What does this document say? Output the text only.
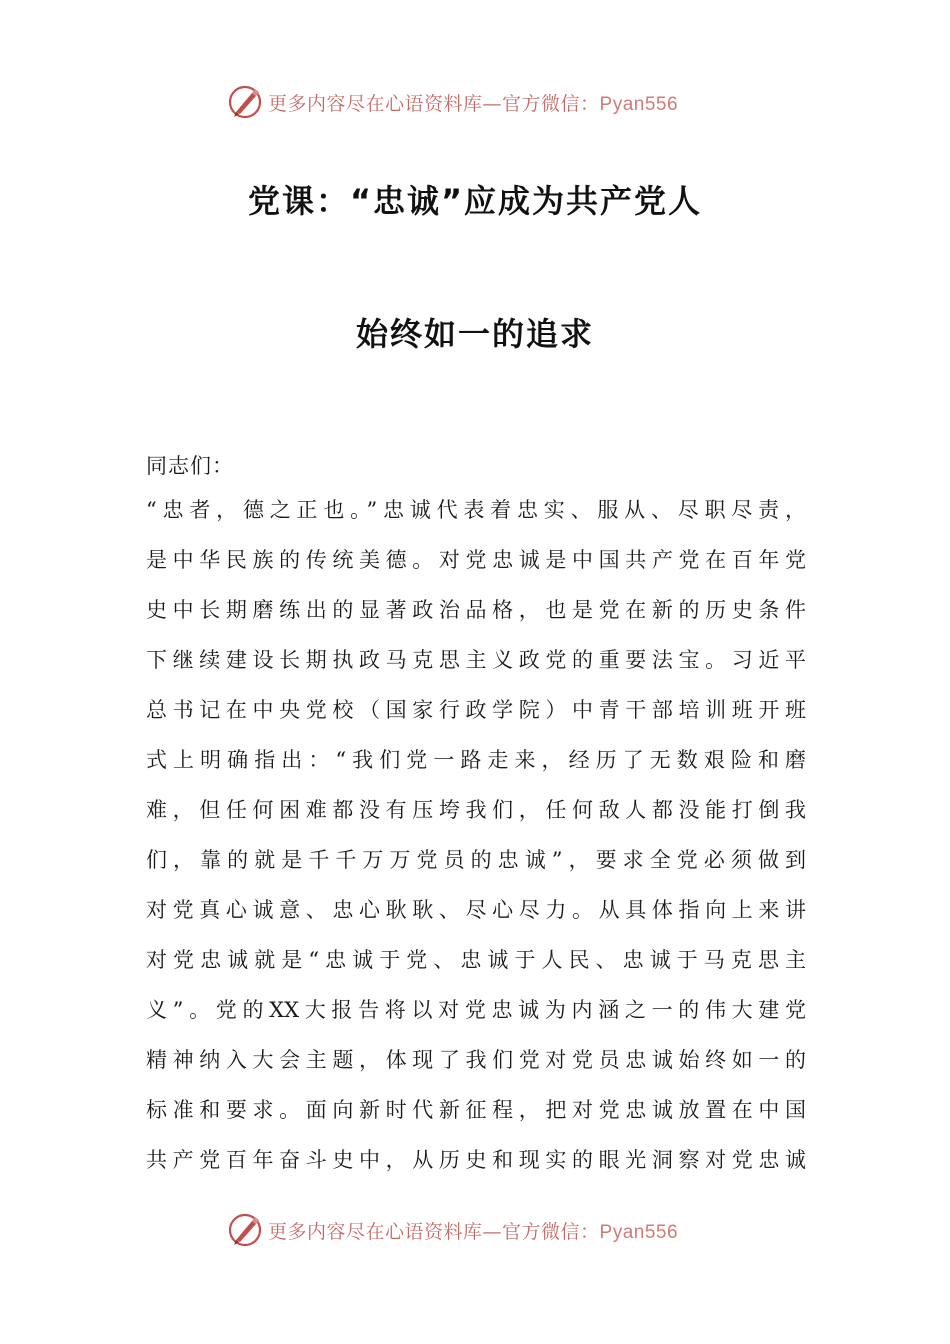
更多内容尽在心语资料库—官方微信：Pyan556
党课：“忠诚”应成为共产党人
始终如一的追求
同志们：
“忠者，德之正也。”忠诚代表着忠实、服从、尽职尽责，
是中华民族的传统美德。对党忠诚是中国共产党在百年党
史中长期磨练出的显著政治品格，也是党在新的历史条件
下继续建设长期执政马克思主义政党的重要法宝。习近平
总书记在中央党校（国家行政学院）中青干部培训班开班
式上明确指出：“我们党一路走来，经历了无数艰险和磨
难，但任何困难都没有压垮我们，任何敌人都没能打倒我
们，靠的就是千千万万党员的忠诚”，要求全党必须做到
对党真心诚意、忠心耿耿、尽心尽力。从具体指向上来讲
对党忠诚就是“忠诚于党、忠诚于人民、忠诚于马克思主
义”。党的XX大报告将以对党忠诚为内涵之一的伟大建党
精神纳入大会主题，体现了我们党对党员忠诚始终如一的
标准和要求。面向新时代新征程，把对党忠诚放置在中国
共产党百年奋斗史中，从历史和现实的眼光洞察对党忠诚
更多内容尽在心语资料库—官方微信：Pyan556
